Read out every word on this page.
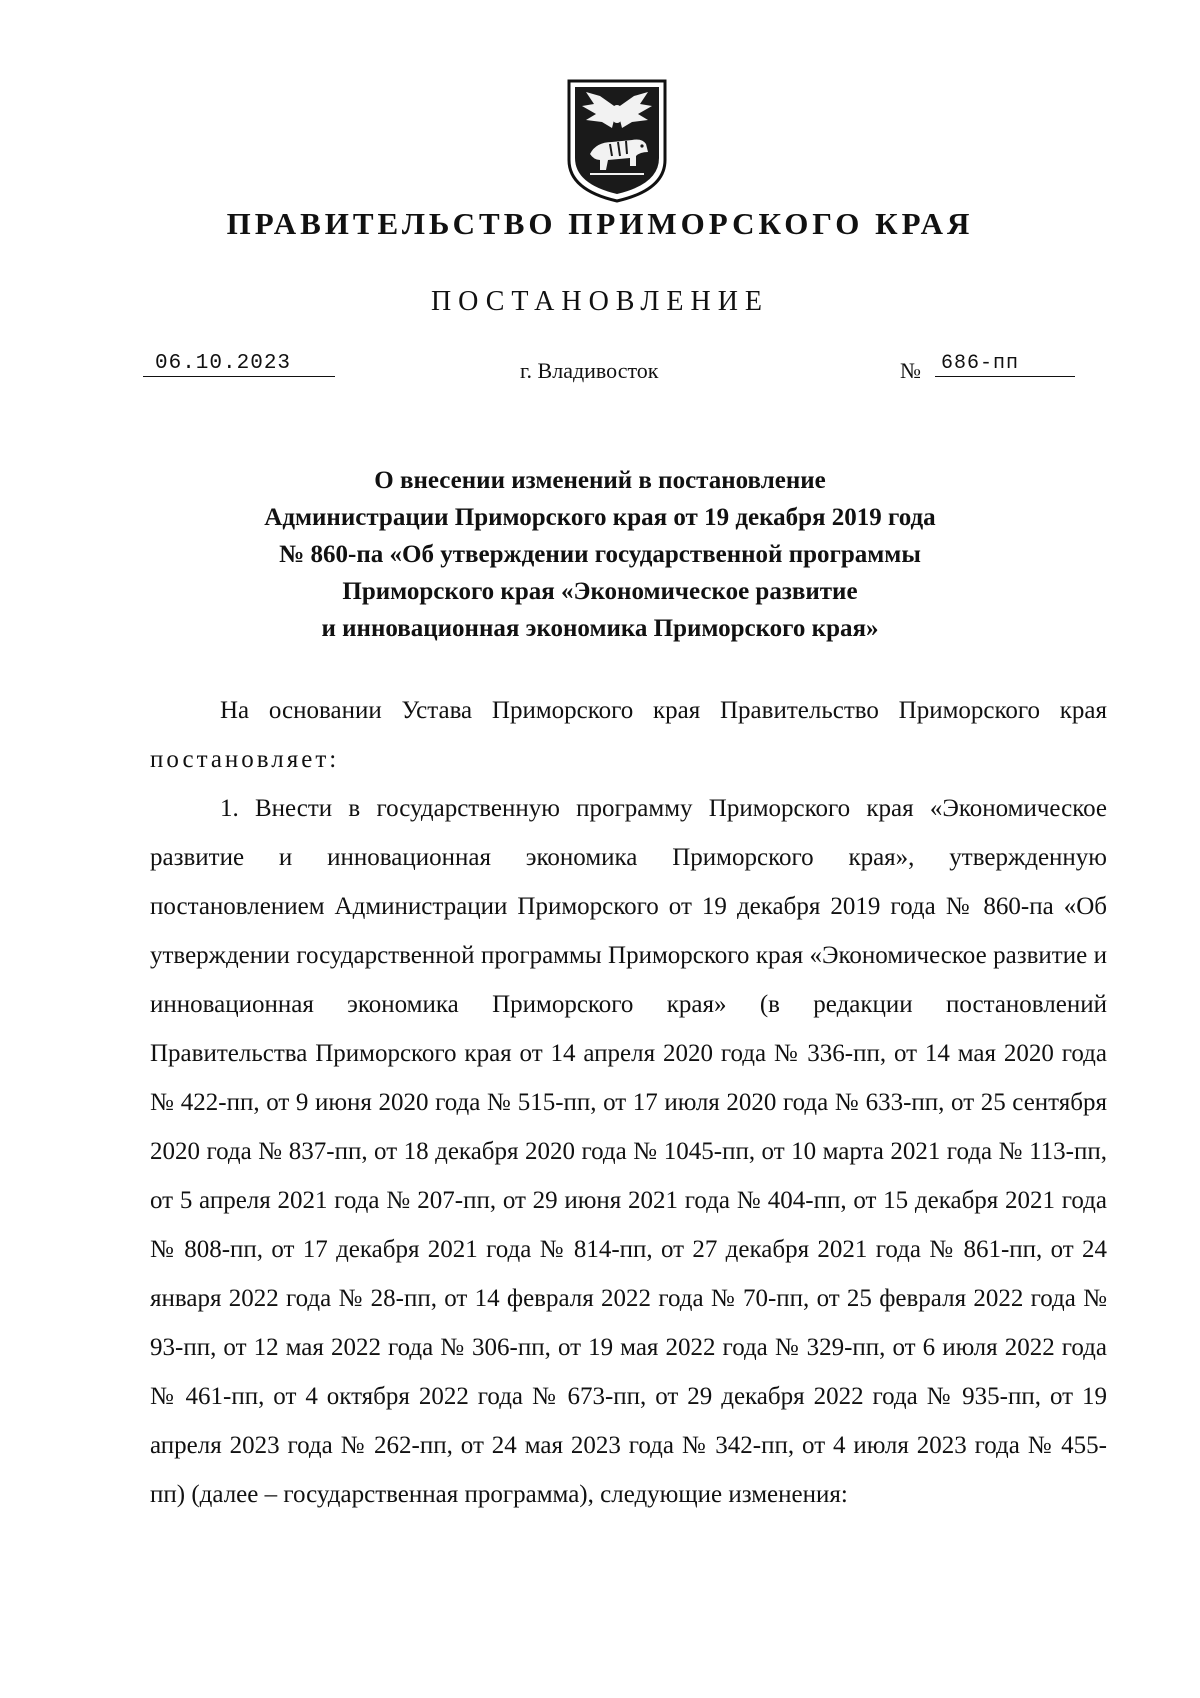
ПРАВИТЕЛЬСТВО ПРИМОРСКОГО КРАЯ
ПОСТАНОВЛЕНИЕ
06.10.2023	г. Владивосток	№	686-пп
О внесении изменений в постановление
Администрации Приморского края от 19 декабря 2019 года
№ 860-па «Об утверждении государственной программы
Приморского края «Экономическое развитие
и инновационная экономика Приморского края»

На основании Устава Приморского края Правительство Приморского края постановляет:

1. Внести в государственную программу Приморского края «Экономическое развитие и инновационная экономика Приморского края», утвержденную постановлением Администрации Приморского от 19 декабря 2019 года № 860-па «Об утверждении государственной программы Приморского края «Экономическое развитие и инновационная экономика Приморского края» (в редакции постановлений Правительства Приморского края от 14 апреля 2020 года № 336-пп, от 14 мая 2020 года № 422-пп, от 9 июня 2020 года № 515-пп, от 17 июля 2020 года № 633-пп, от 25 сентября 2020 года № 837-пп, от 18 декабря 2020 года № 1045-пп, от 10 марта 2021 года № 113-пп, от 5 апреля 2021 года № 207-пп, от 29 июня 2021 года № 404-пп, от 15 декабря 2021 года № 808-пп, от 17 декабря 2021 года № 814-пп, от 27 декабря 2021 года № 861-пп, от 24 января 2022 года № 28-пп, от 14 февраля 2022 года № 70-пп, от 25 февраля 2022 года № 93-пп, от 12 мая 2022 года № 306-пп, от 19 мая 2022 года № 329-пп, от 6 июля 2022 года № 461-пп, от 4 октября 2022 года № 673-пп, от 29 декабря 2022 года № 935-пп, от 19 апреля 2023 года № 262-пп, от 24 мая 2023 года № 342-пп, от 4 июля 2023 года № 455-пп) (далее – государственная программа), следующие изменения:
